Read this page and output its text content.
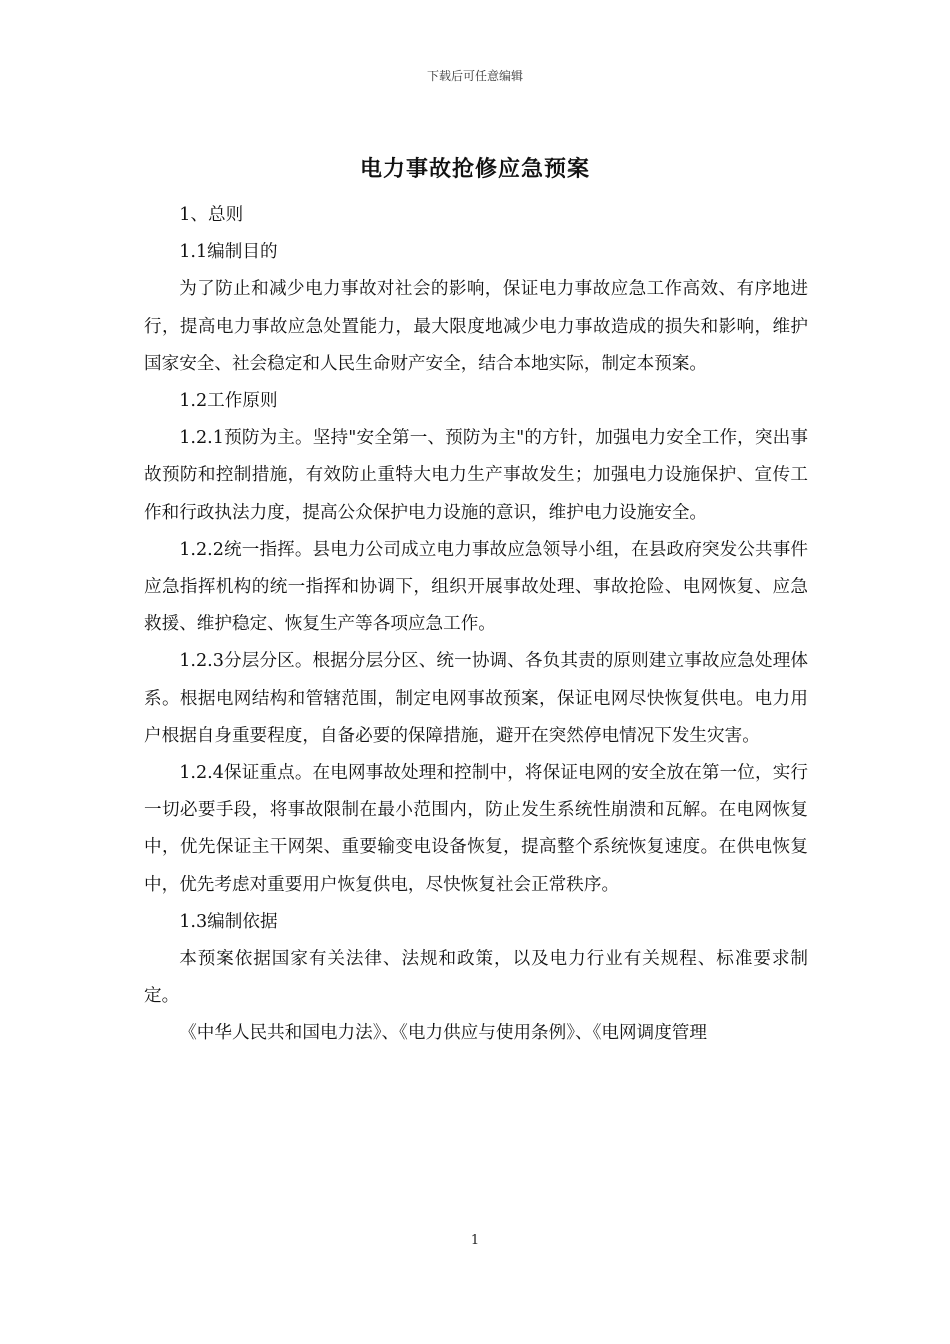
下载后可任意编辑
电力事故抢修应急预案

1、总则

1.1编制目的

为了防止和减少电力事故对社会的影响，保证电力事故应急工作高效、有序地进行，提高电力事故应急处置能力，最大限度地减少电力事故造成的损失和影响，维护国家安全、社会稳定和人民生命财产安全，结合本地实际，制定本预案。

1.2工作原则

1.2.1预防为主。坚持"安全第一、预防为主"的方针，加强电力安全工作，突出事故预防和控制措施，有效防止重特大电力生产事故发生；加强电力设施保护、宣传工作和行政执法力度，提高公众保护电力设施的意识，维护电力设施安全。

1.2.2统一指挥。县电力公司成立电力事故应急领导小组，在县政府突发公共事件应急指挥机构的统一指挥和协调下，组织开展事故处理、事故抢险、电网恢复、应急救援、维护稳定、恢复生产等各项应急工作。

1.2.3分层分区。根据分层分区、统一协调、各负其责的原则建立事故应急处理体系。根据电网结构和管辖范围，制定电网事故预案，保证电网尽快恢复供电。电力用户根据自身重要程度，自备必要的保障措施，避开在突然停电情况下发生灾害。

1.2.4保证重点。在电网事故处理和控制中，将保证电网的安全放在第一位，实行一切必要手段，将事故限制在最小范围内，防止发生系统性崩溃和瓦解。在电网恢复中，优先保证主干网架、重要输变电设备恢复，提高整个系统恢复速度。在供电恢复中，优先考虑对重要用户恢复供电，尽快恢复社会正常秩序。

1.3编制依据

本预案依据国家有关法律、法规和政策，以及电力行业有关规程、标准要求制定。

《中华人民共和国电力法》、《电力供应与使用条例》、《电网调度管理

1
